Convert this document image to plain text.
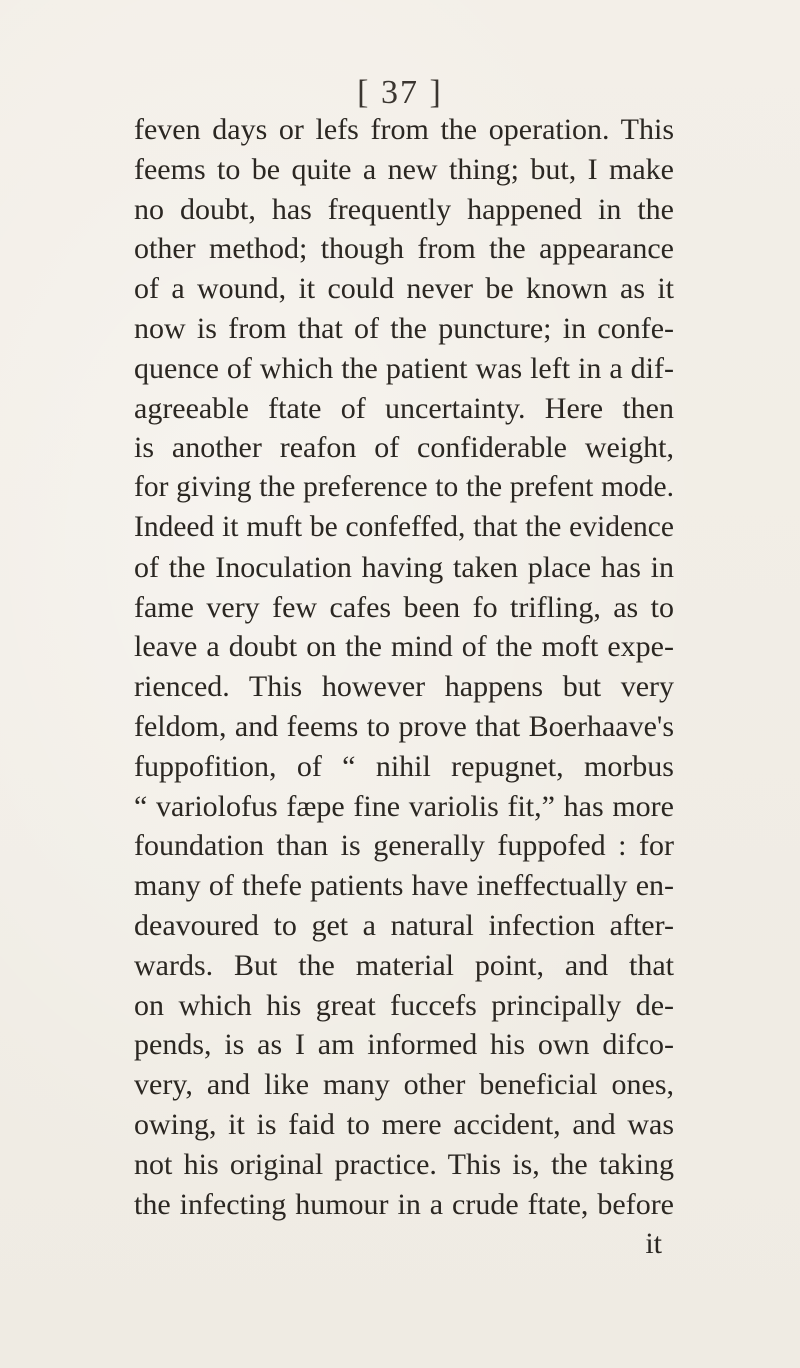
[ 37 ]
feven days or lefs from the operation. This
feems to be quite a new thing; but, I make
no doubt, has frequently happened in the
other method; though from the appearance
of a wound, it could never be known as it
now is from that of the puncture; in confe-
quence of which the patient was left in a dif-
agreeable ftate of uncertainty. Here then
is another reafon of confiderable weight,
for giving the preference to the prefent mode.
Indeed it muft be confeffed, that the evidence
of the Inoculation having taken place has in
fame very few cafes been fo trifling, as to
leave a doubt on the mind of the moft expe-
rienced. This however happens but very
feldom, and feems to prove that Boerhaave's
fuppofition, of “ nihil repugnet, morbus
“ variolofus fæpe fine variolis fit,” has more
foundation than is generally fuppofed : for
many of thefe patients have ineffectually en-
deavoured to get a natural infection after-
wards. But the material point, and that
on which his great fuccefs principally de-
pends, is as I am informed his own difco-
very, and like many other beneficial ones,
owing, it is faid to mere accident, and was
not his original practice. This is, the taking
the infecting humour in a crude ftate, before
it
